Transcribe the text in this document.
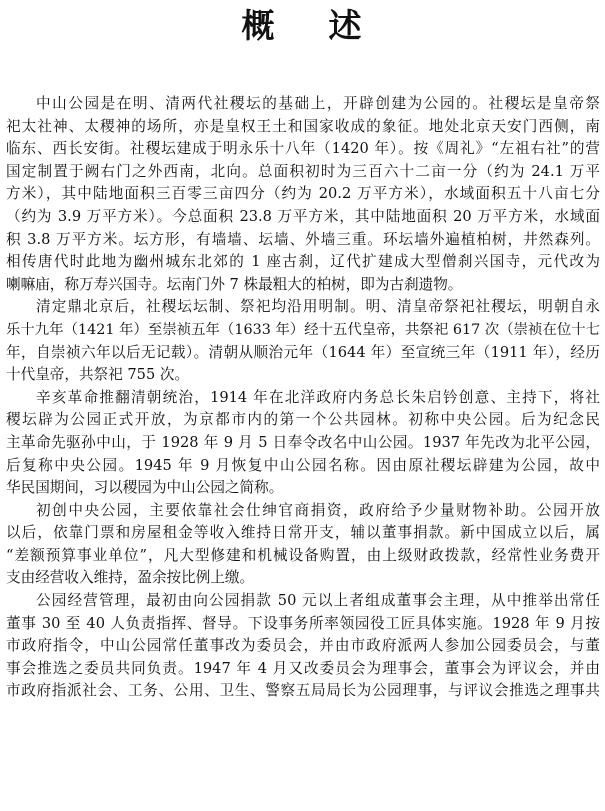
概 述
中山公园是在明、清两代社稷坛的基础上，开辟创建为公园的。社稷坛是皇帝祭
祀太社神、太稷神的场所，亦是皇权王土和国家收成的象征。地处北京天安门西侧，南
临东、西长安街。社稷坛建成于明永乐十八年（1420 年）。按《周礼》“左祖右社”的营
国定制置于阙右门之外西南，北向。总面积初时为三百六十二亩一分（约为 24.1 万平
方米），其中陆地面积三百零三亩四分（约为 20.2 万平方米），水域面积五十八亩七分
（约为 3.9 万平方米）。今总面积 23.8 万平方米，其中陆地面积 20 万平方米，水域面
积 3.8 万平方米。坛方形，有墙墙、坛墙、外墙三重。环坛墙外遍植柏树，井然森列。
相传唐代时此地为幽州城东北郊的 1 座古刹，辽代扩建成大型僧刹兴国寺，元代改为
喇嘛庙，称万寿兴国寺。坛南门外 7 株最粗大的柏树，即为古刹遗物。
清定鼎北京后，社稷坛坛制、祭祀均沿用明制。明、清皇帝祭祀社稷坛，明朝自永
乐十九年（1421 年）至崇祯五年（1633 年）经十五代皇帝，共祭祀 617 次（崇祯在位十七
年，自崇祯六年以后无记载）。清朝从顺治元年（1644 年）至宣统三年（1911 年），经历
十代皇帝，共祭祀 755 次。
辛亥革命推翻清朝统治，1914 年在北洋政府内务总长朱启钤创意、主持下，将社
稷坛辟为公园正式开放，为京都市内的第一个公共园林。初称中央公园。后为纪念民
主革命先驱孙中山，于 1928 年 9 月 5 日奉令改名中山公园。1937 年先改为北平公园，
后复称中央公园。1945 年 9 月恢复中山公园名称。因由原社稷坛辟建为公园，故中
华民国期间，习以稷园为中山公园之简称。
初创中央公园，主要依靠社会仕绅官商捐资，政府给予少量财物补助。公园开放
以后，依靠门票和房屋租金等收入维持日常开支，辅以董事捐款。新中国成立以后，属
“差额预算事业单位”，凡大型修建和机械设备购置，由上级财政拨款，经常性业务费开
支由经营收入维持，盈余按比例上缴。
公园经营管理，最初由向公园捐款 50 元以上者组成董事会主理，从中推举出常任
董事 30 至 40 人负责指挥、督导。下设事务所率领园役工匠具体实施。1928 年 9 月按
市政府指令，中山公园常任董事改为委员会，并由市政府派两人参加公园委员会，与董
事会推选之委员共同负责。1947 年 4 月又改委员会为理事会，董事会为评议会，并由
市政府指派社会、工务、公用、卫生、警察五局局长为公园理事，与评议会推选之理事共
